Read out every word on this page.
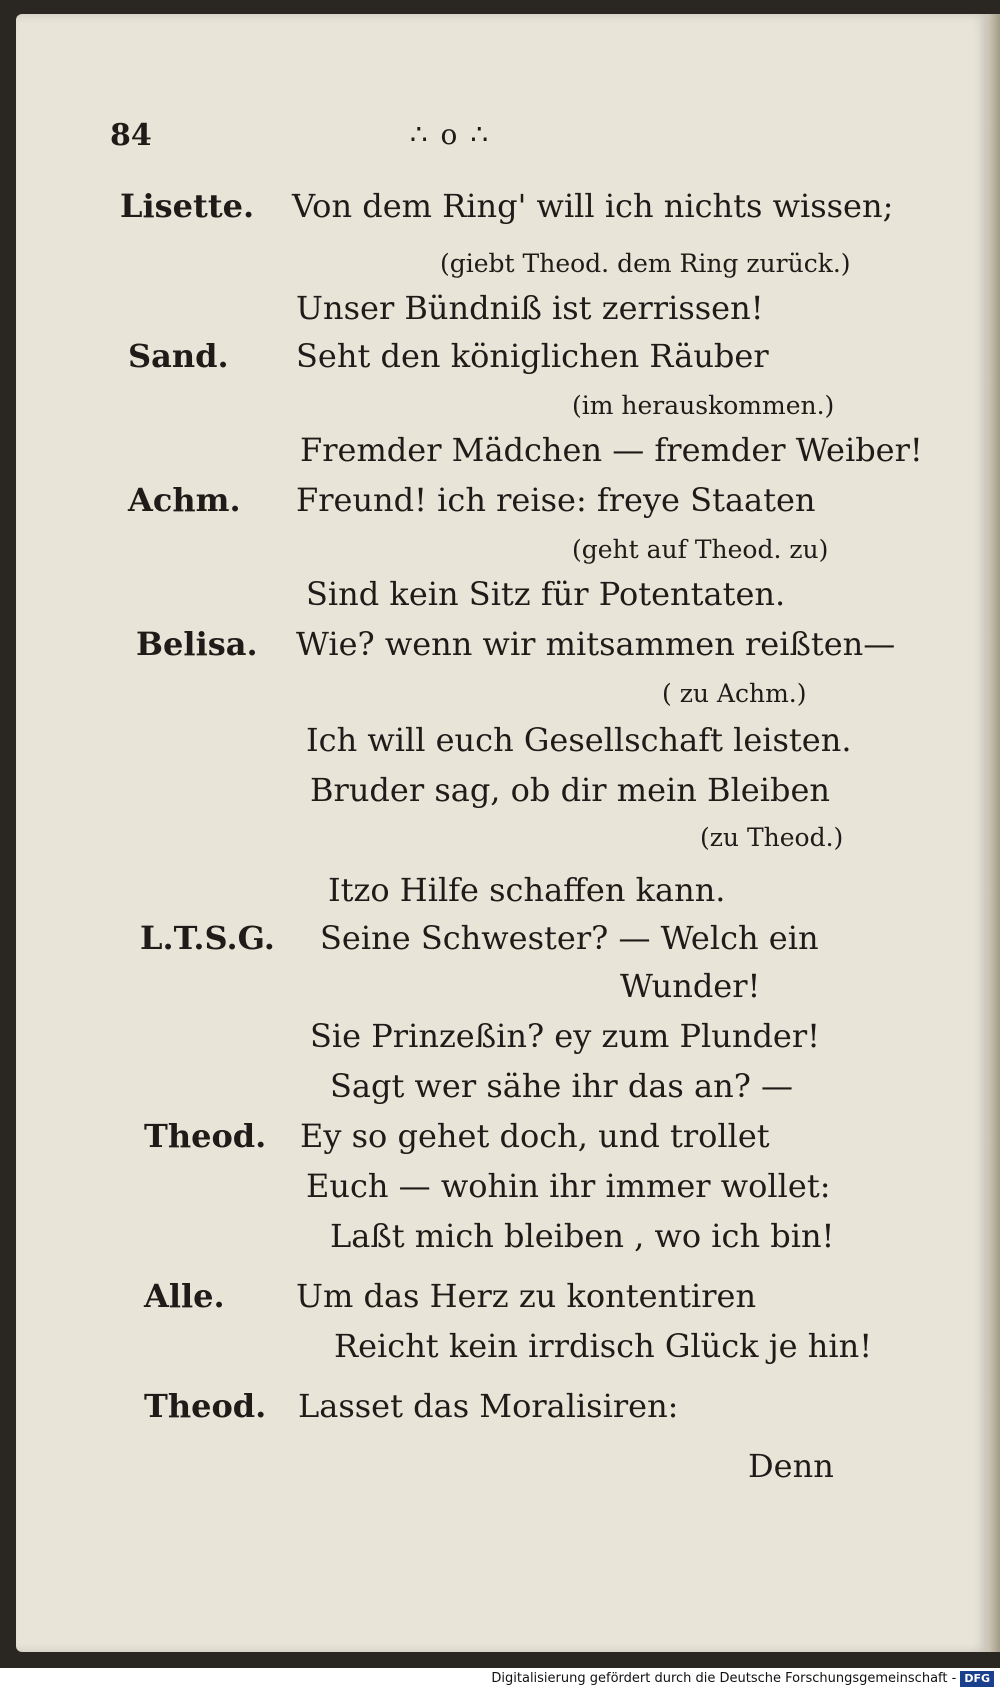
84	∴ o ∴
Lisette. Von dem Ring' will ich nichts wissen;
(giebt Theod. dem Ring zurück.)
Unser Bündniß ist zerrissen!
Sand. Seht den königlichen Räuber
(im herauskommen.)
Fremder Mädchen — fremder Weiber!
Achm. Freund! ich reise: freye Staaten
(geht auf Theod. zu)
Sind kein Sitz für Potentaten.
Belisa. Wie? wenn wir mitsammen reißten—
( zu Achm.)
Ich will euch Gesellschaft leisten.
Bruder sag, ob dir mein Bleiben
(zu Theod.)
Itzo Hilfe schaffen kann.
L.T.S.G. Seine Schwester? — Welch ein
Wunder!
Sie Prinzeßin? ey zum Plunder!
Sagt wer sähe ihr das an? —
Theod. Ey so gehet doch, und trollet
Euch — wohin ihr immer wollet:
Laßt mich bleiben , wo ich bin!
Alle. Um das Herz zu kontentiren
Reicht kein irrdisch Glück je hin!
Theod. Lasset das Moralisiren:
Denn
Digitalisierung gefördert durch die Deutsche Forschungsgemeinschaft - DFG
